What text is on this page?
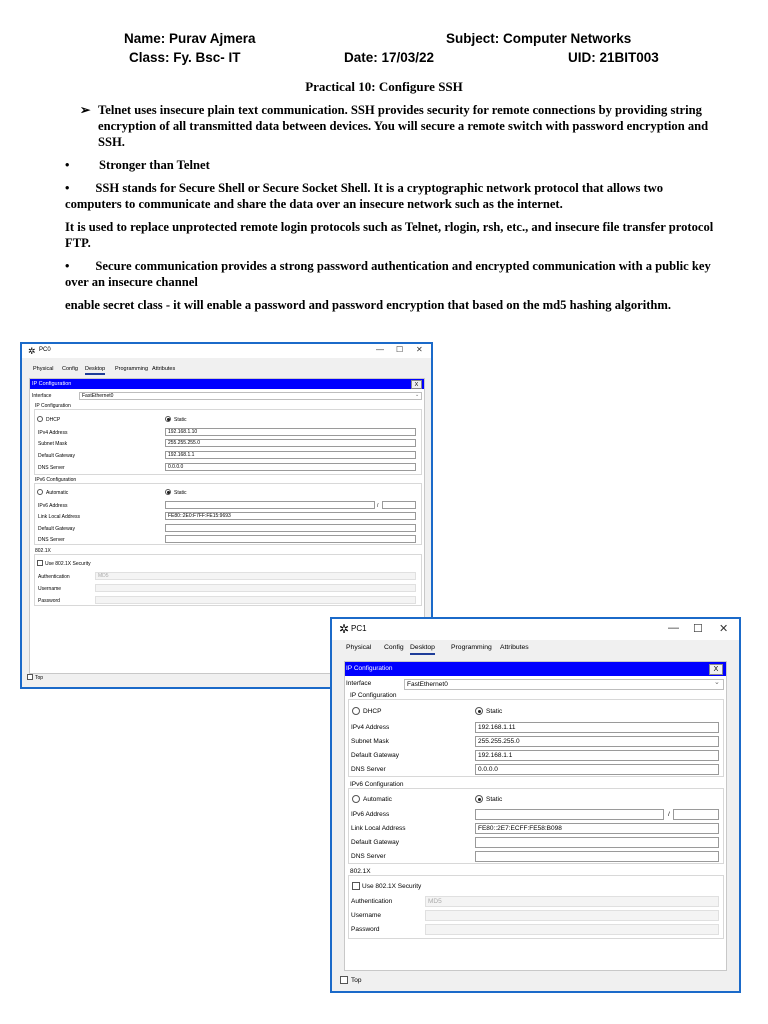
Name: Purav Ajmera	Subject: Computer Networks
Class: Fy. Bsc- IT	Date: 17/03/22	UID: 21BIT003
Practical 10: Configure SSH
➢ Telnet uses insecure plain text communication. SSH provides security for remote connections by providing string encryption of all transmitted data between devices. You will secure a remote switch with password encryption and SSH.
• Stronger than Telnet
• SSH stands for Secure Shell or Secure Socket Shell. It is a cryptographic network protocol that allows two computers to communicate and share the data over an insecure network such as the internet.
It is used to replace unprotected remote login protocols such as Telnet, rlogin, rsh, etc., and insecure file transfer protocol FTP.
• Secure communication provides a strong password authentication and encrypted communication with a public key over an insecure channel
enable secret class - it will enable a password and password encryption that based on the md5 hashing algorithm.
✲ PC0	— ☐ ✕
Physical Config Desktop Programming Attributes
IP Configuration	X
Interface	FastEthernet0	⌄
IP Configuration
DHCP	Static
IPv4 Address	192.168.1.10
Subnet Mask	255.255.255.0
Default Gateway	192.168.1.1
DNS Server	0.0.0.0
IPv6 Configuration
Automatic	Static
IPv6 Address	/
Link Local Address	FE80::2E0:F7FF:FE15:9693
Default Gateway
DNS Server
802.1X
Use 802.1X Security
Authentication	MD5
Username
Password
Top
✲ PC1	— ☐ ✕
Physical Config Desktop Programming Attributes
IP Configuration	X
Interface	FastEthernet0	⌄
IP Configuration
DHCP	Static
IPv4 Address	192.168.1.11
Subnet Mask	255.255.255.0
Default Gateway	192.168.1.1
DNS Server	0.0.0.0
IPv6 Configuration
Automatic	Static
IPv6 Address	/
Link Local Address	FE80::2E7:ECFF:FE58:B098
Default Gateway
DNS Server
802.1X
Use 802.1X Security
Authentication	MD5
Username
Password
Top
